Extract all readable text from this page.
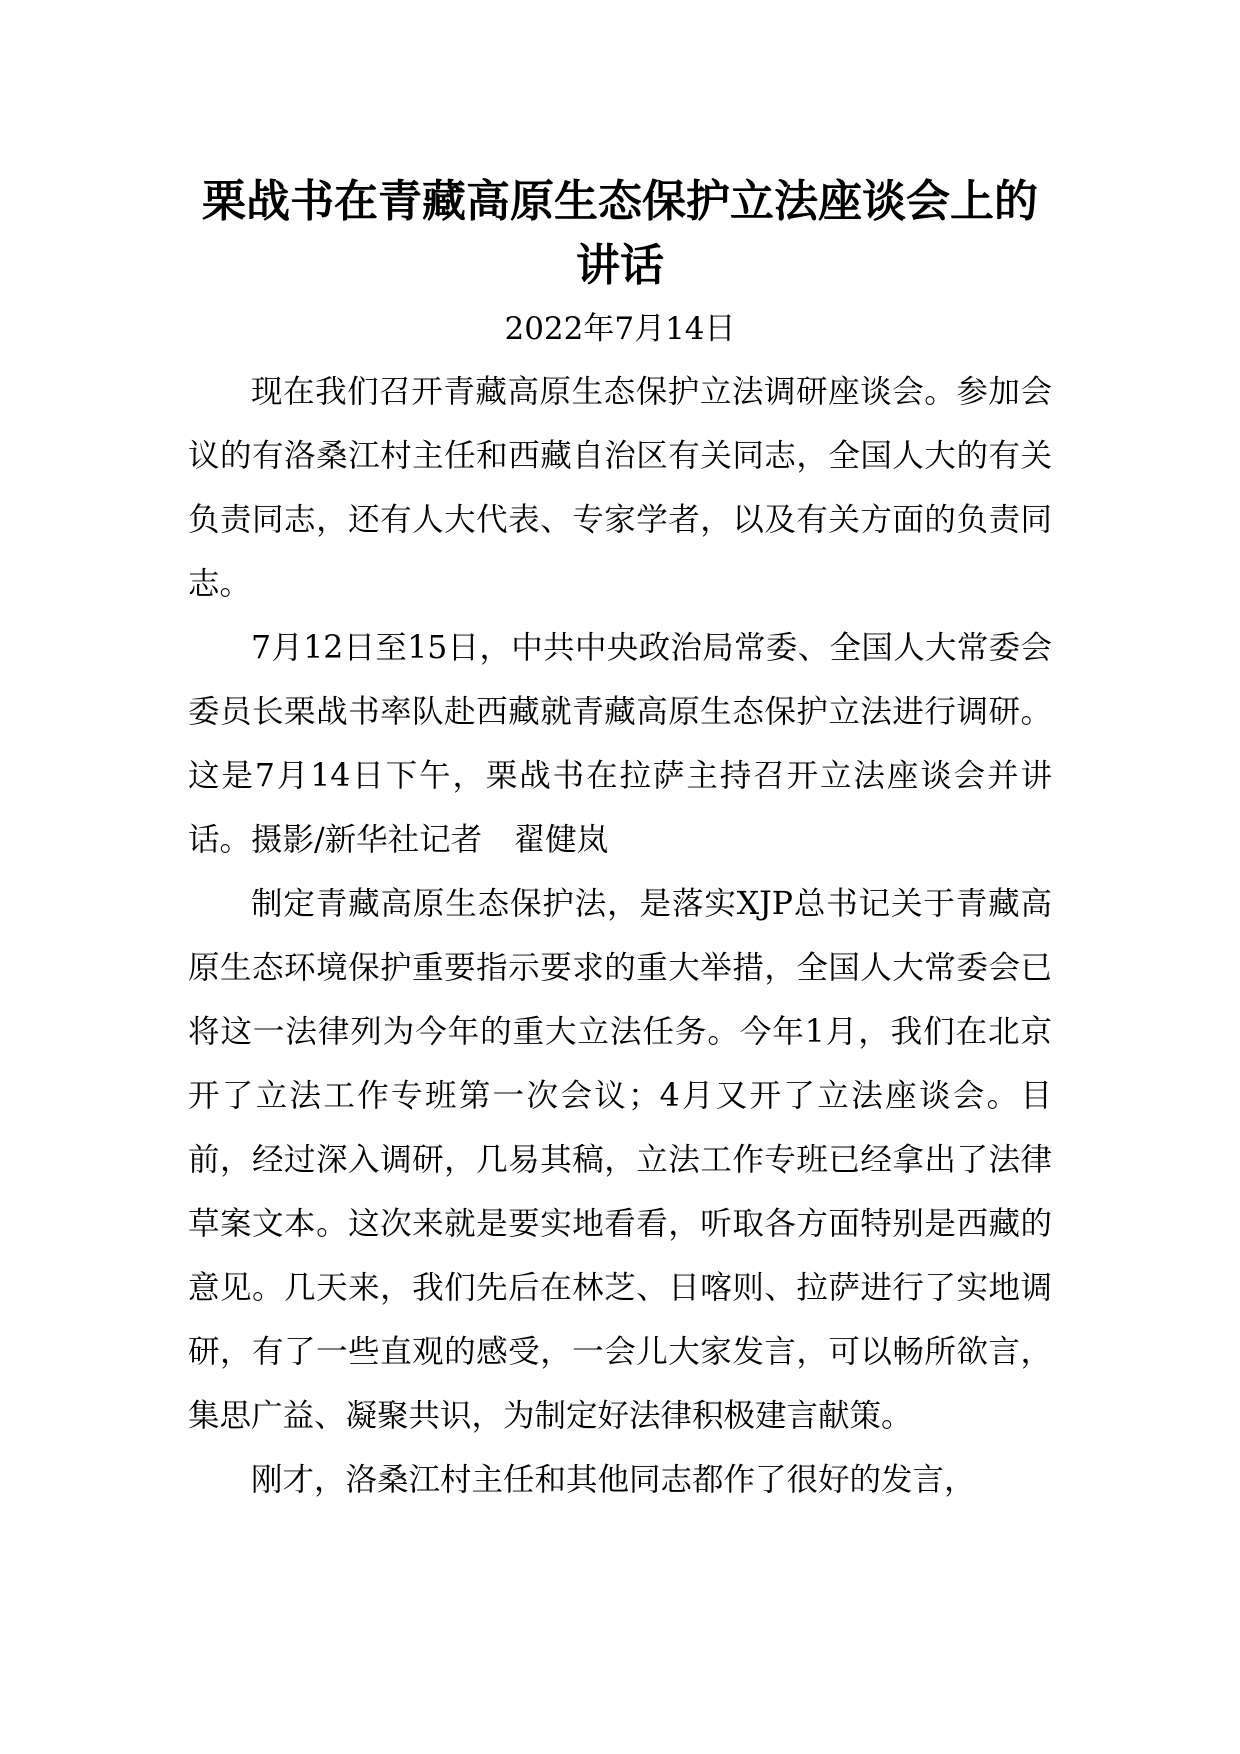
栗战书在青藏高原生态保护立法座谈会上的讲话

2022年7月14日

现在我们召开青藏高原生态保护立法调研座谈会。参加会议的有洛桑江村主任和西藏自治区有关同志，全国人大的有关负责同志，还有人大代表、专家学者，以及有关方面的负责同志。

7月12日至15日，中共中央政治局常委、全国人大常委会委员长栗战书率队赴西藏就青藏高原生态保护立法进行调研。这是7月14日下午，栗战书在拉萨主持召开立法座谈会并讲话。摄影/新华社记者　翟健岚

制定青藏高原生态保护法，是落实XJP总书记关于青藏高原生态环境保护重要指示要求的重大举措，全国人大常委会已将这一法律列为今年的重大立法任务。今年1月，我们在北京开了立法工作专班第一次会议；4月又开了立法座谈会。目前，经过深入调研，几易其稿，立法工作专班已经拿出了法律草案文本。这次来就是要实地看看，听取各方面特别是西藏的意见。几天来，我们先后在林芝、日喀则、拉萨进行了实地调研，有了一些直观的感受，一会儿大家发言，可以畅所欲言，集思广益、凝聚共识，为制定好法律积极建言献策。

刚才，洛桑江村主任和其他同志都作了很好的发言，
